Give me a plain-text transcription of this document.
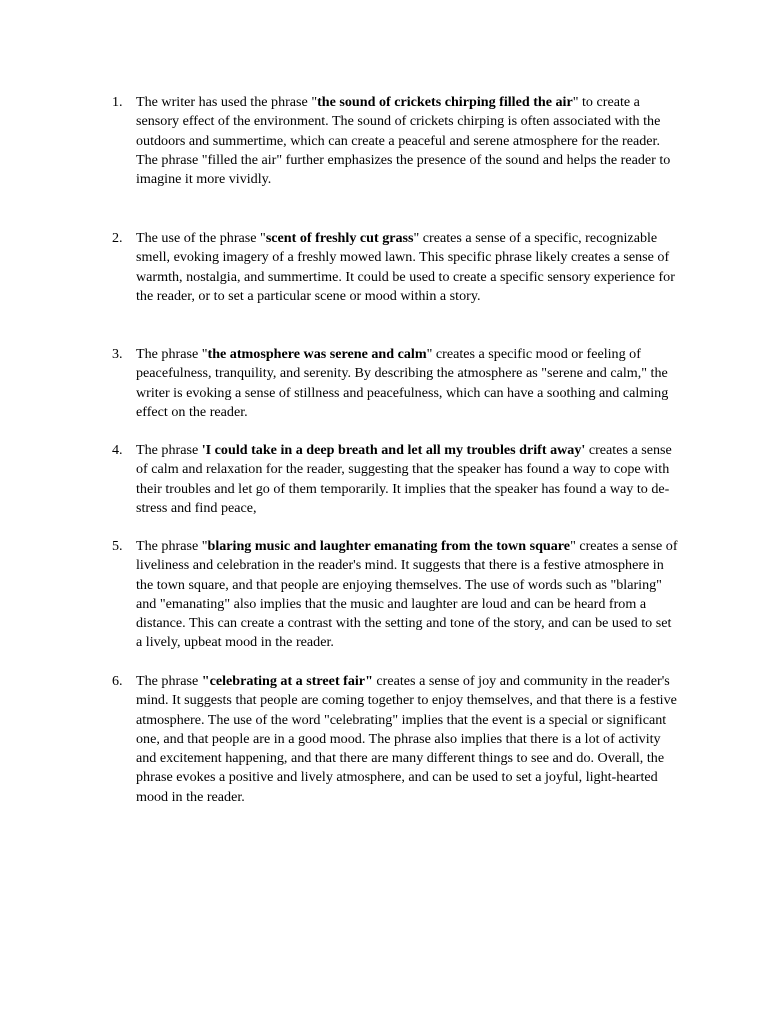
1. The writer has used the phrase "the sound of crickets chirping filled the air" to create a sensory effect of the environment. The sound of crickets chirping is often associated with the outdoors and summertime, which can create a peaceful and serene atmosphere for the reader. The phrase "filled the air" further emphasizes the presence of the sound and helps the reader to imagine it more vividly.
2. The use of the phrase "scent of freshly cut grass" creates a sense of a specific, recognizable smell, evoking imagery of a freshly mowed lawn. This specific phrase likely creates a sense of warmth, nostalgia, and summertime. It could be used to create a specific sensory experience for the reader, or to set a particular scene or mood within a story.
3. The phrase "the atmosphere was serene and calm" creates a specific mood or feeling of peacefulness, tranquility, and serenity. By describing the atmosphere as "serene and calm," the writer is evoking a sense of stillness and peacefulness, which can have a soothing and calming effect on the reader.
4. The phrase 'I could take in a deep breath and let all my troubles drift away' creates a sense of calm and relaxation for the reader, suggesting that the speaker has found a way to cope with their troubles and let go of them temporarily. It implies that the speaker has found a way to de-stress and find peace,
5. The phrase "blaring music and laughter emanating from the town square" creates a sense of liveliness and celebration in the reader's mind. It suggests that there is a festive atmosphere in the town square, and that people are enjoying themselves. The use of words such as "blaring" and "emanating" also implies that the music and laughter are loud and can be heard from a distance. This can create a contrast with the setting and tone of the story, and can be used to set a lively, upbeat mood in the reader.
6. The phrase "celebrating at a street fair" creates a sense of joy and community in the reader's mind. It suggests that people are coming together to enjoy themselves, and that there is a festive atmosphere. The use of the word "celebrating" implies that the event is a special or significant one, and that people are in a good mood. The phrase also implies that there is a lot of activity and excitement happening, and that there are many different things to see and do. Overall, the phrase evokes a positive and lively atmosphere, and can be used to set a joyful, light-hearted mood in the reader.
